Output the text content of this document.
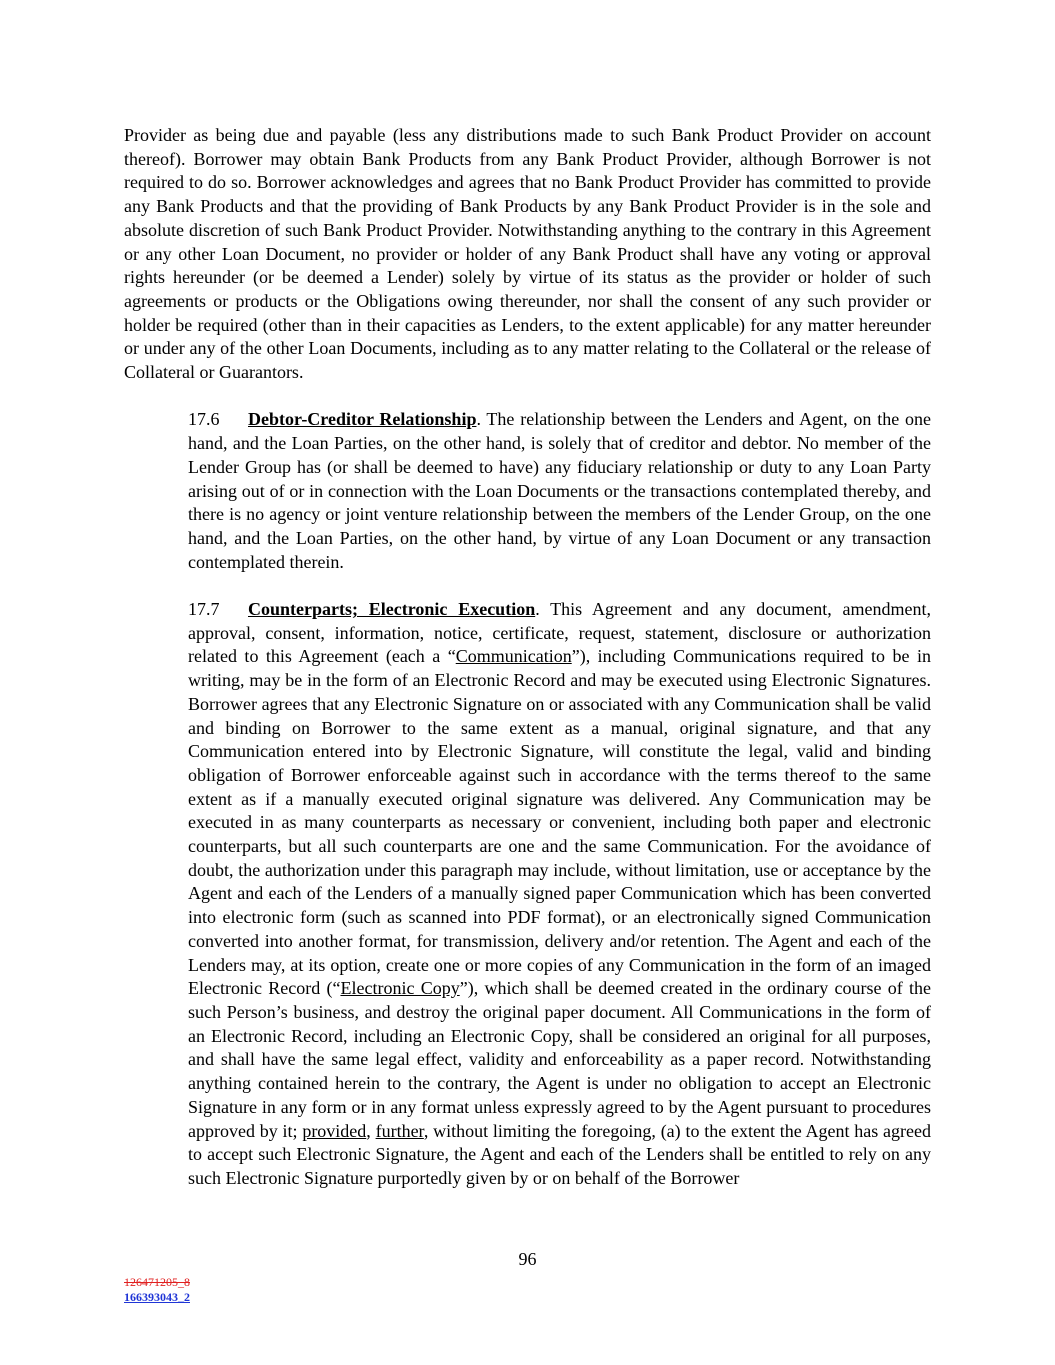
Provider as being due and payable (less any distributions made to such Bank Product Provider on account thereof). Borrower may obtain Bank Products from any Bank Product Provider, although Borrower is not required to do so. Borrower acknowledges and agrees that no Bank Product Provider has committed to provide any Bank Products and that the providing of Bank Products by any Bank Product Provider is in the sole and absolute discretion of such Bank Product Provider. Notwithstanding anything to the contrary in this Agreement or any other Loan Document, no provider or holder of any Bank Product shall have any voting or approval rights hereunder (or be deemed a Lender) solely by virtue of its status as the provider or holder of such agreements or products or the Obligations owing thereunder, nor shall the consent of any such provider or holder be required (other than in their capacities as Lenders, to the extent applicable) for any matter hereunder or under any of the other Loan Documents, including as to any matter relating to the Collateral or the release of Collateral or Guarantors.

17.6 Debtor-Creditor Relationship. The relationship between the Lenders and Agent, on the one hand, and the Loan Parties, on the other hand, is solely that of creditor and debtor. No member of the Lender Group has (or shall be deemed to have) any fiduciary relationship or duty to any Loan Party arising out of or in connection with the Loan Documents or the transactions contemplated thereby, and there is no agency or joint venture relationship between the members of the Lender Group, on the one hand, and the Loan Parties, on the other hand, by virtue of any Loan Document or any transaction contemplated therein.

17.7 Counterparts; Electronic Execution. This Agreement and any document, amendment, approval, consent, information, notice, certificate, request, statement, disclosure or authorization related to this Agreement (each a “Communication”), including Communications required to be in writing, may be in the form of an Electronic Record and may be executed using Electronic Signatures. Borrower agrees that any Electronic Signature on or associated with any Communication shall be valid and binding on Borrower to the same extent as a manual, original signature, and that any Communication entered into by Electronic Signature, will constitute the legal, valid and binding obligation of Borrower enforceable against such in accordance with the terms thereof to the same extent as if a manually executed original signature was delivered. Any Communication may be executed in as many counterparts as necessary or convenient, including both paper and electronic counterparts, but all such counterparts are one and the same Communication. For the avoidance of doubt, the authorization under this paragraph may include, without limitation, use or acceptance by the Agent and each of the Lenders of a manually signed paper Communication which has been converted into electronic form (such as scanned into PDF format), or an electronically signed Communication converted into another format, for transmission, delivery and/or retention. The Agent and each of the Lenders may, at its option, create one or more copies of any Communication in the form of an imaged Electronic Record (“Electronic Copy”), which shall be deemed created in the ordinary course of the such Person’s business, and destroy the original paper document. All Communications in the form of an Electronic Record, including an Electronic Copy, shall be considered an original for all purposes, and shall have the same legal effect, validity and enforceability as a paper record. Notwithstanding anything contained herein to the contrary, the Agent is under no obligation to accept an Electronic Signature in any form or in any format unless expressly agreed to by the Agent pursuant to procedures approved by it; provided, further, without limiting the foregoing, (a) to the extent the Agent has agreed to accept such Electronic Signature, the Agent and each of the Lenders shall be entitled to rely on any such Electronic Signature purportedly given by or on behalf of the Borrower

96
126471205_8
166393043_2
